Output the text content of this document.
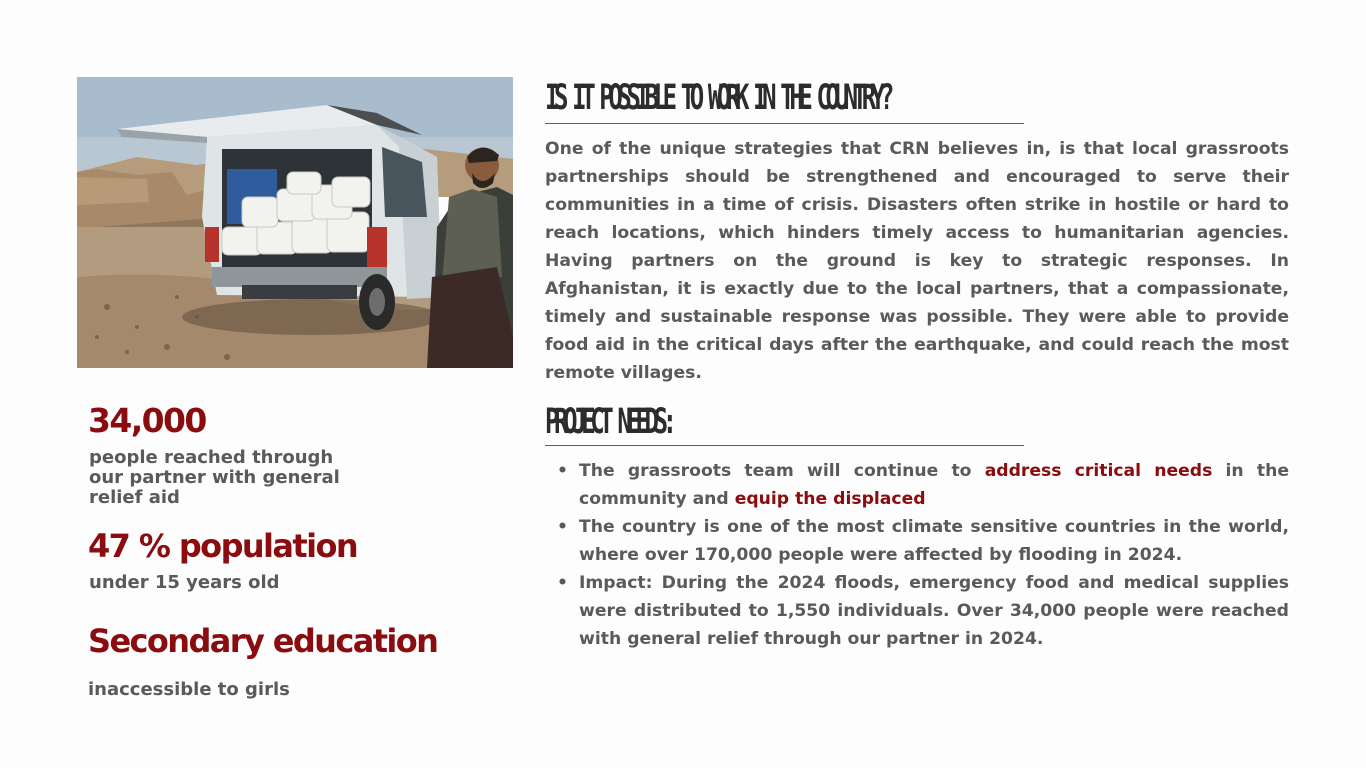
34,000

people reached through our partner with general relief aid

47 % population

under 15 years old

Secondary education

inaccessible to girls

IS IT POSSIBLE TO WORK IN THE COUNTRY?

One of the unique strategies that CRN believes in, is that local grassroots partnerships should be strengthened and encouraged to serve their communities in a time of crisis. Disasters often strike in hostile or hard to reach locations, which hinders timely access to humanitarian agencies. Having partners on the ground is key to strategic responses. In Afghanistan, it is exactly due to the local partners, that a compassionate, timely and sustainable response was possible. They were able to provide food aid in the critical days after the earthquake, and could reach the most remote villages.

PROJECT NEEDS:
• The grassroots team will continue to address critical needs in the community and equip the displaced
• The country is one of the most climate sensitive countries in the world, where over 170,000 people were affected by flooding in 2024.
• Impact: During the 2024 floods, emergency food and medical supplies were distributed to 1,550 individuals. Over 34,000 people were reached with general relief through our partner in 2024.
